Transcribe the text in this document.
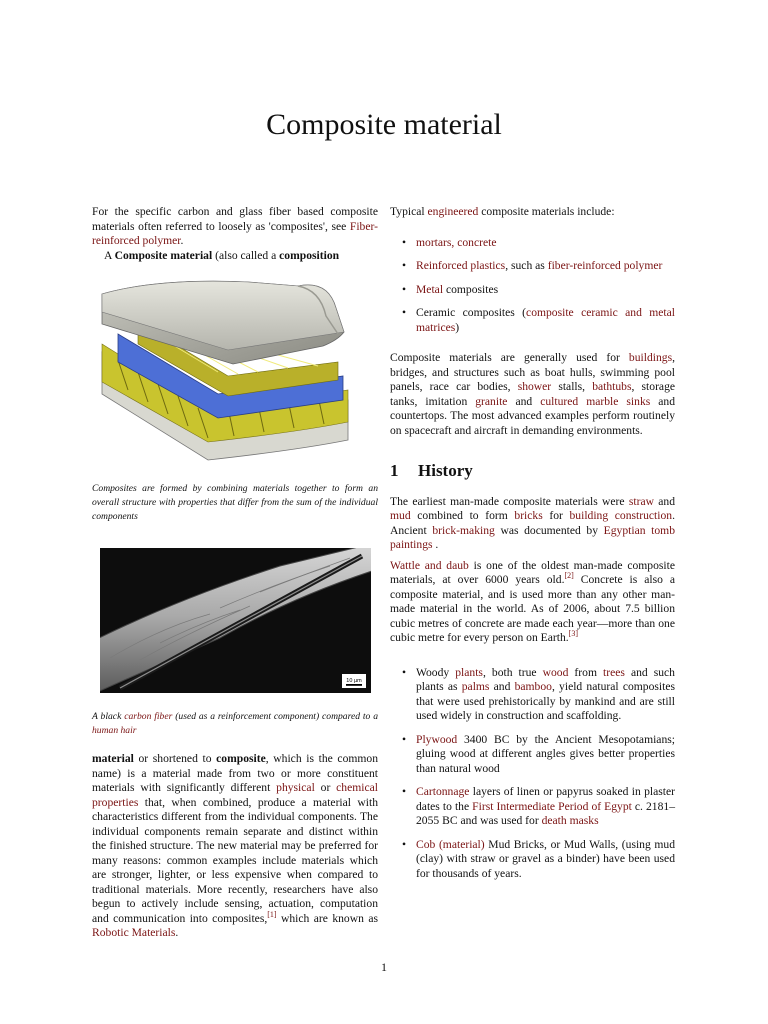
Composite material

For the specific carbon and glass fiber based composite materials often referred to loosely as 'composites', see Fiber-reinforced polymer.

A Composite material (also called a composition

Composites are formed by combining materials together to form an overall structure with properties that differ from the sum of the individual components

10 µm

A black carbon fiber (used as a reinforcement component) compared to a human hair

material or shortened to composite, which is the common name) is a material made from two or more constituent materials with significantly different physical or chemical properties that, when combined, produce a material with characteristics different from the individual components. The individual components remain separate and distinct within the finished structure. The new material may be preferred for many reasons: common examples include materials which are stronger, lighter, or less expensive when compared to traditional materials. More recently, researchers have also begun to actively include sensing, actuation, computation and communication into composites,[1] which are known as Robotic Materials.

Typical engineered composite materials include:

• mortars, concrete
• Reinforced plastics, such as fiber-reinforced polymer
• Metal composites
• Ceramic composites (composite ceramic and metal matrices)

Composite materials are generally used for buildings, bridges, and structures such as boat hulls, swimming pool panels, race car bodies, shower stalls, bathtubs, storage tanks, imitation granite and cultured marble sinks and countertops. The most advanced examples perform routinely on spacecraft and aircraft in demanding environments.

1 History

The earliest man-made composite materials were straw and mud combined to form bricks for building construction. Ancient brick-making was documented by Egyptian tomb paintings .

Wattle and daub is one of the oldest man-made composite materials, at over 6000 years old.[2] Concrete is also a composite material, and is used more than any other man-made material in the world. As of 2006, about 7.5 billion cubic metres of concrete are made each year—more than one cubic metre for every person on Earth.[3]

• Woody plants, both true wood from trees and such plants as palms and bamboo, yield natural composites that were used prehistorically by mankind and are still used widely in construction and scaffolding.
• Plywood 3400 BC by the Ancient Mesopotamians; gluing wood at different angles gives better properties than natural wood
• Cartonnage layers of linen or papyrus soaked in plaster dates to the First Intermediate Period of Egypt c. 2181–2055 BC and was used for death masks
• Cob (material) Mud Bricks, or Mud Walls, (using mud (clay) with straw or gravel as a binder) have been used for thousands of years.
1
